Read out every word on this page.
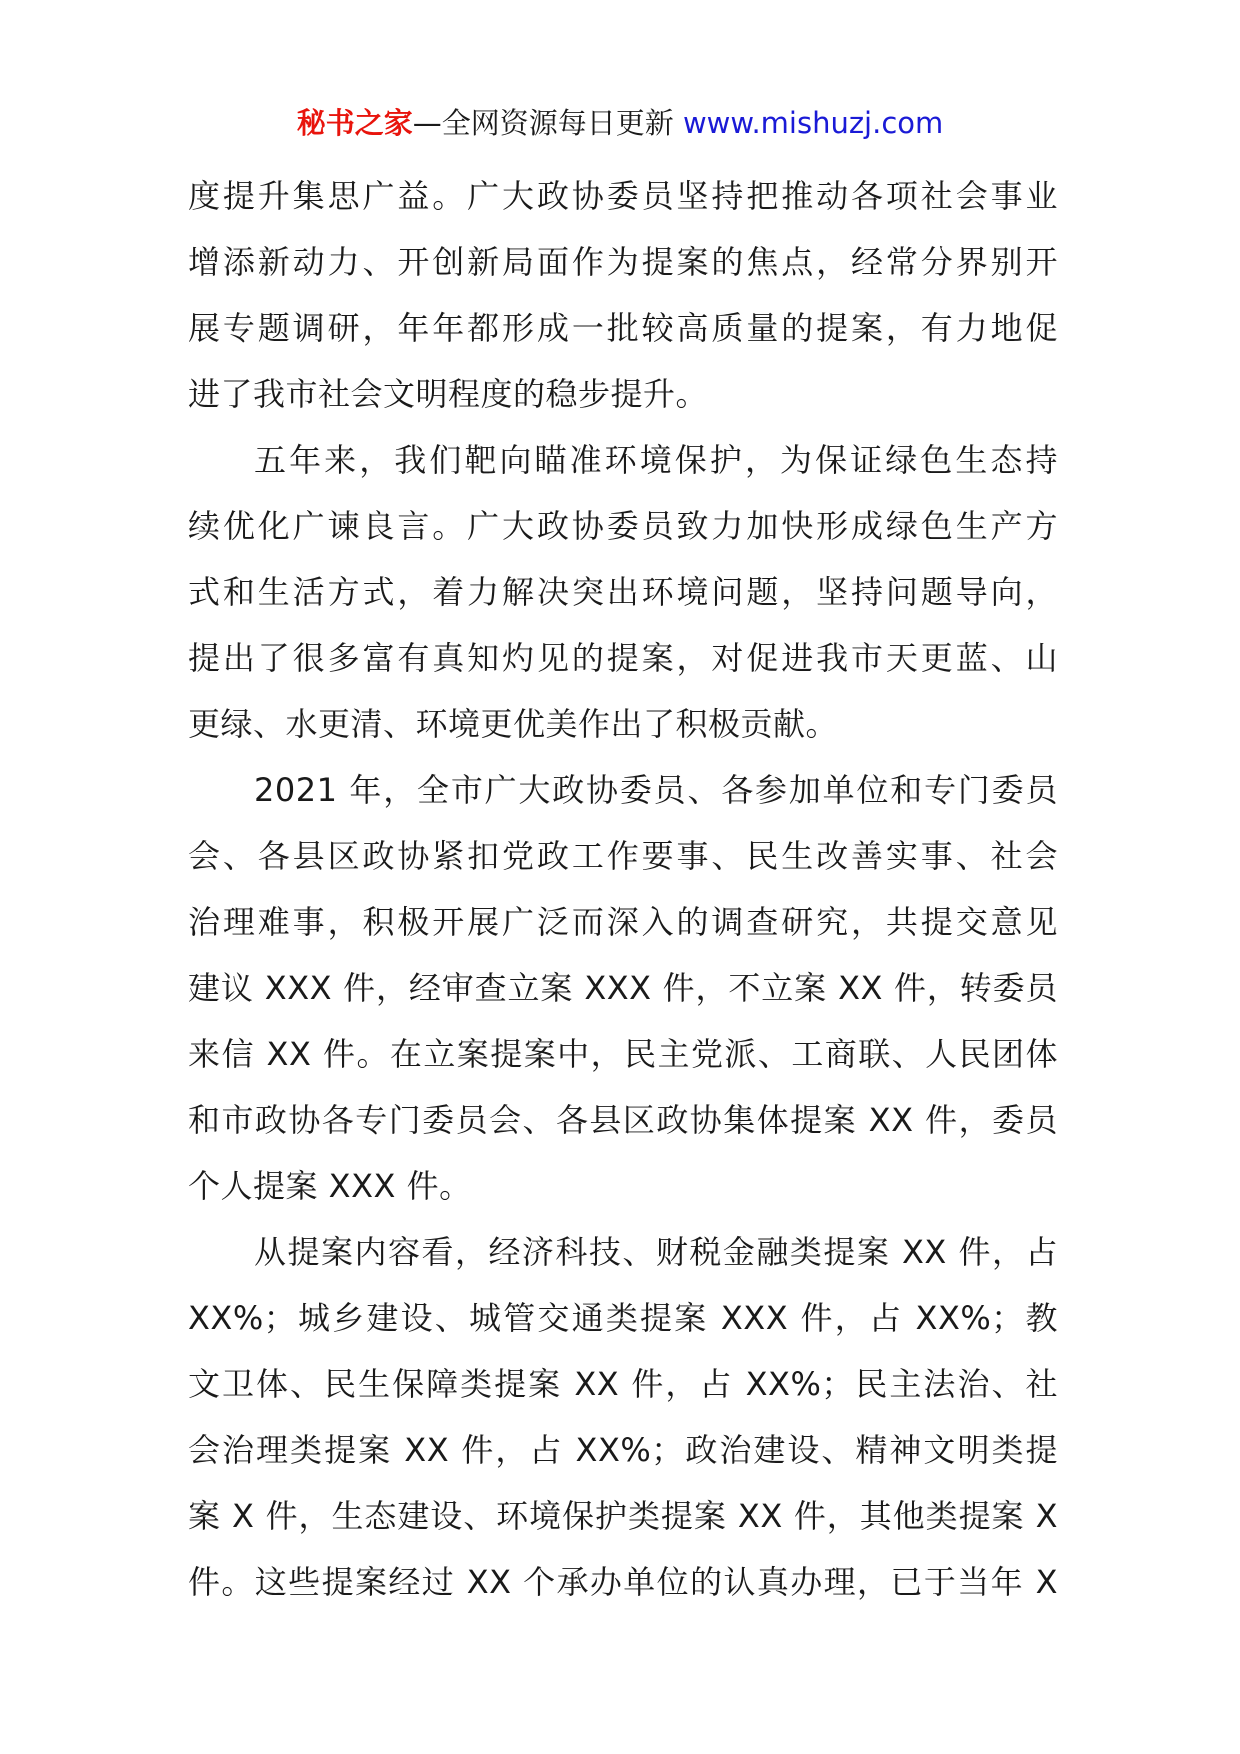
秘书之家—全网资源每日更新 www.mishuzj.com
度提升集思广益。广大政协委员坚持把推动各项社会事业
增添新动力、开创新局面作为提案的焦点，经常分界别开
展专题调研，年年都形成一批较高质量的提案，有力地促
进了我市社会文明程度的稳步提升。
五年来，我们靶向瞄准环境保护，为保证绿色生态持
续优化广谏良言。广大政协委员致力加快形成绿色生产方
式和生活方式，着力解决突出环境问题，坚持问题导向，
提出了很多富有真知灼见的提案，对促进我市天更蓝、山
更绿、水更清、环境更优美作出了积极贡献。
2021 年，全市广大政协委员、各参加单位和专门委员
会、各县区政协紧扣党政工作要事、民生改善实事、社会
治理难事，积极开展广泛而深入的调查研究，共提交意见
建议 XXX 件，经审查立案 XXX 件，不立案 XX 件，转委员
来信 XX 件。在立案提案中，民主党派、工商联、人民团体
和市政协各专门委员会、各县区政协集体提案 XX 件，委员
个人提案 XXX 件。
从提案内容看，经济科技、财税金融类提案 XX 件，占
XX%；城乡建设、城管交通类提案 XXX 件，占 XX%；教
文卫体、民生保障类提案 XX 件，占 XX%；民主法治、社
会治理类提案 XX 件，占 XX%；政治建设、精神文明类提
案 X 件，生态建设、环境保护类提案 XX 件，其他类提案 X
件。这些提案经过 XX 个承办单位的认真办理，已于当年 X
